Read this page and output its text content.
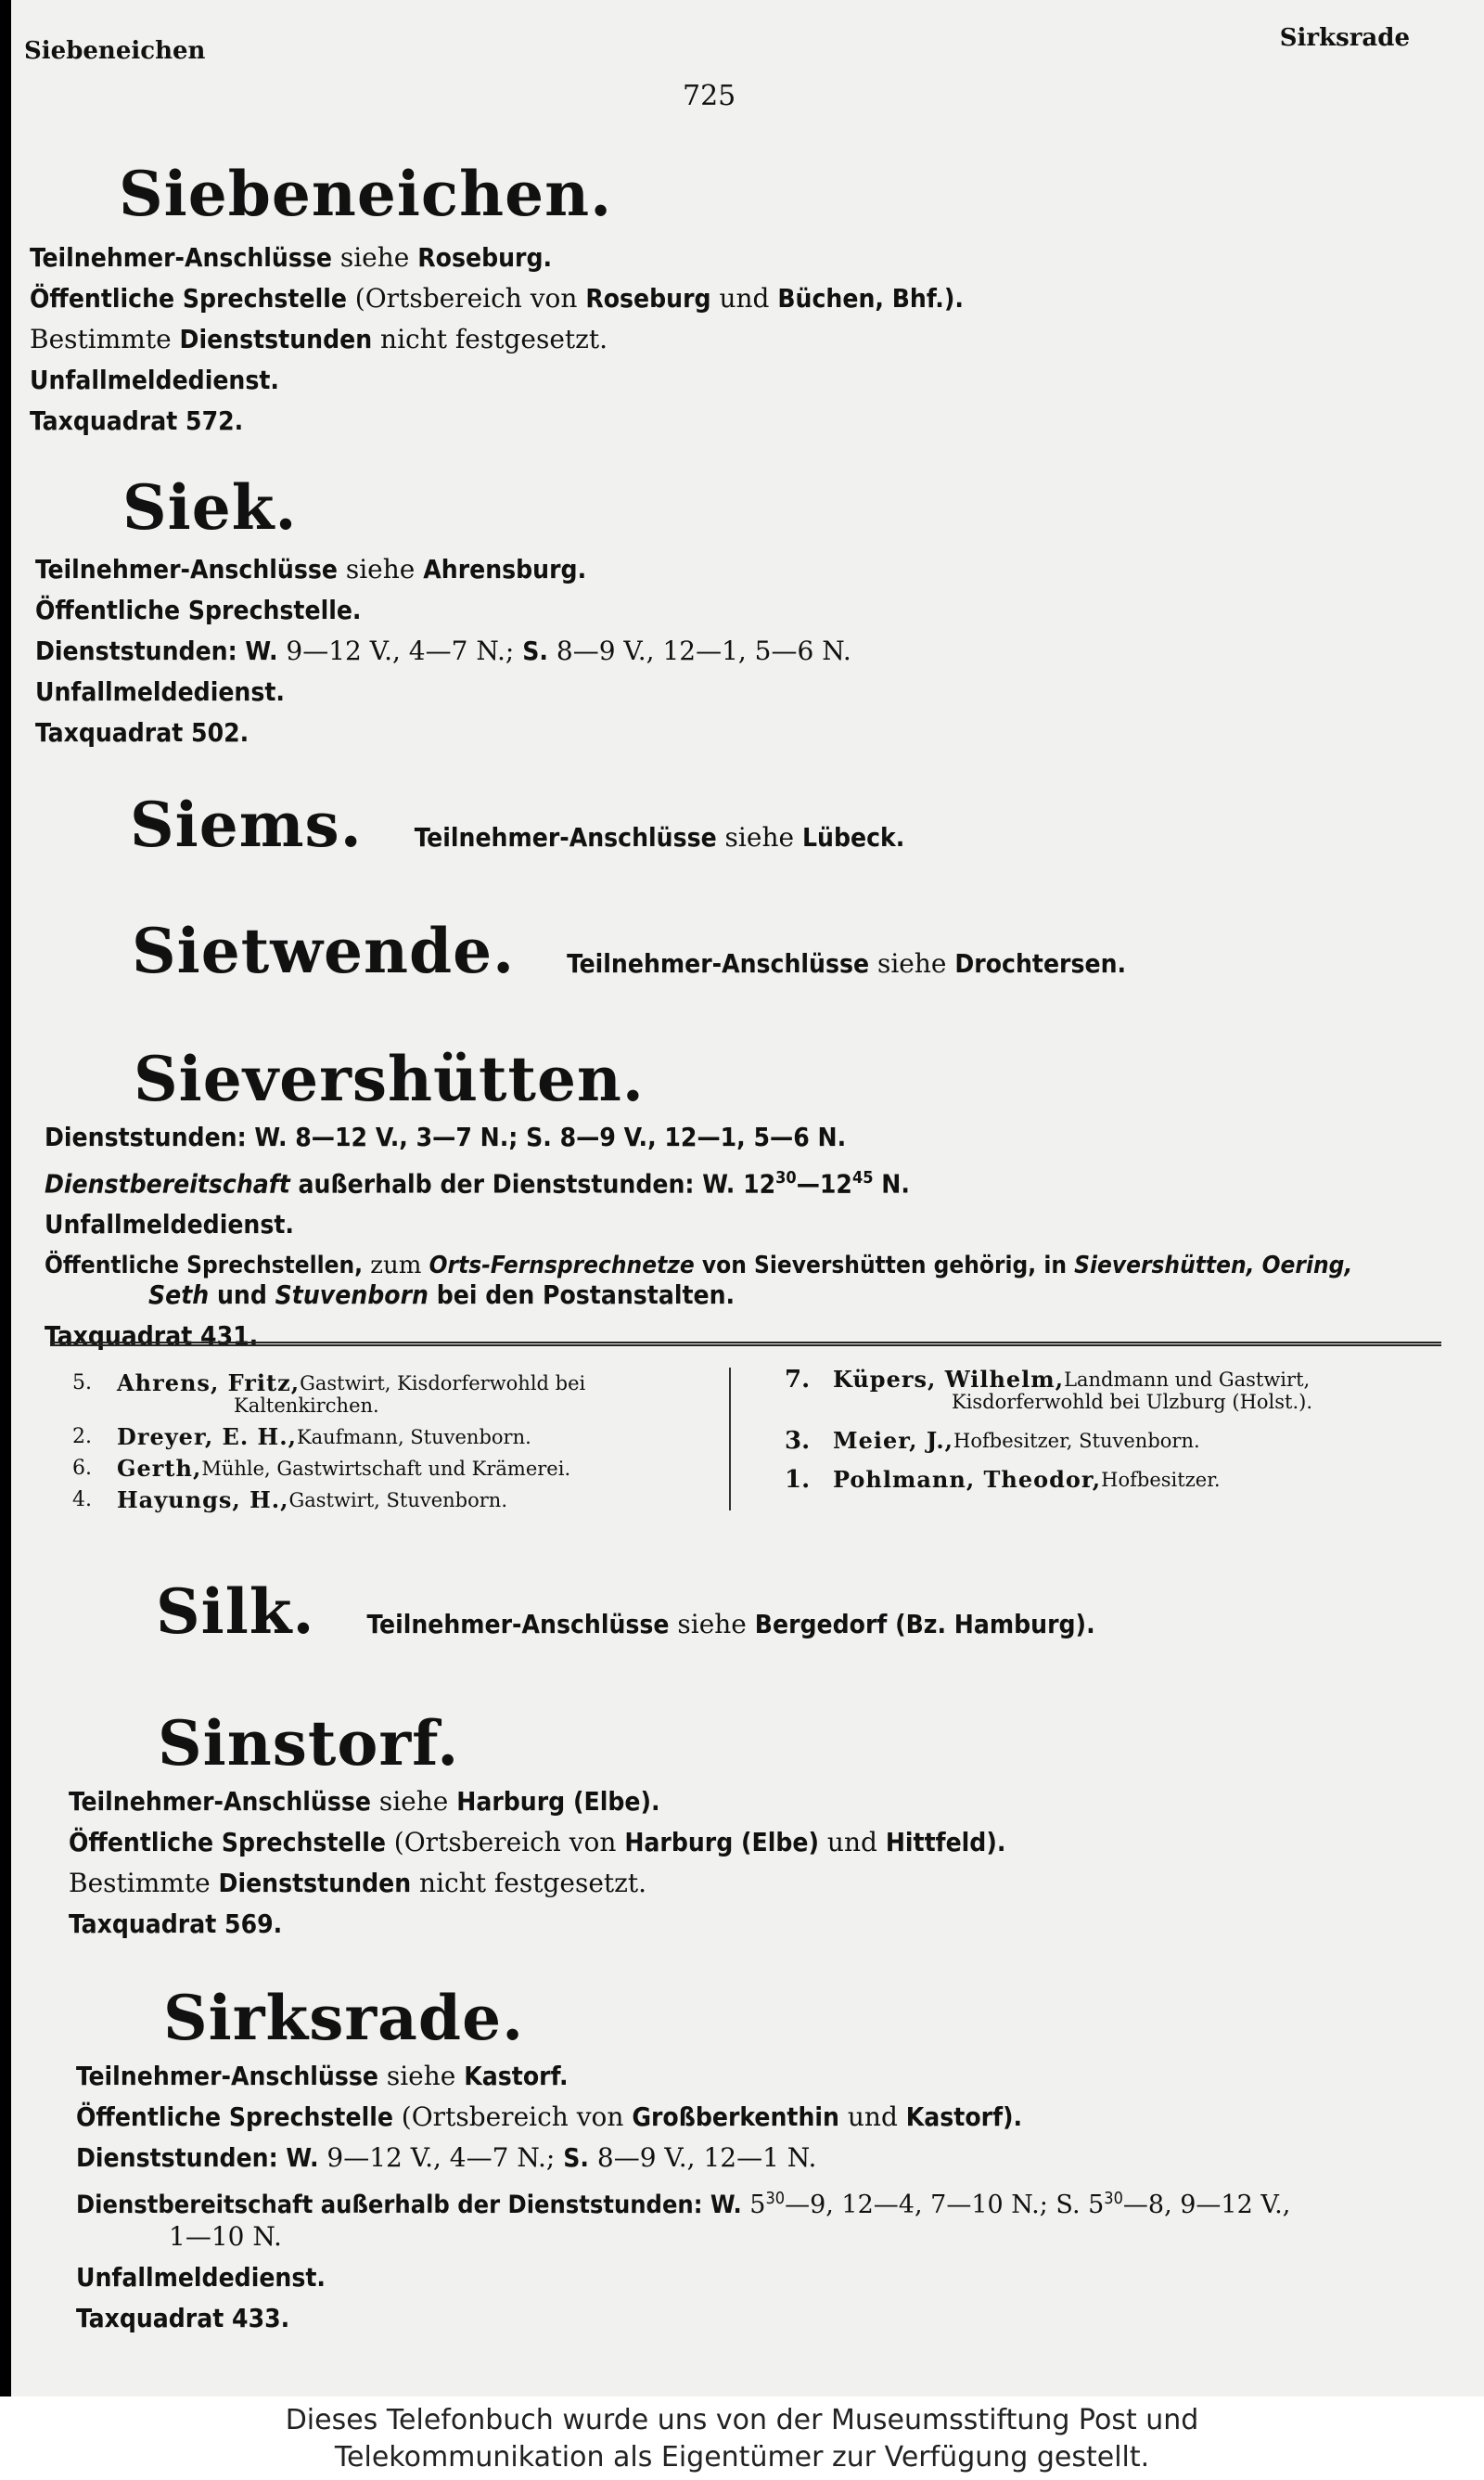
Siebeneichen	Sirksrade
725
Siebeneichen.
Teilnehmer-Anschlüsse siehe Roseburg.
Öffentliche Sprechstelle (Ortsbereich von Roseburg und Büchen, Bhf.).
Bestimmte Dienststunden nicht festgesetzt.
Unfallmeldedienst.
Taxquadrat 572.
Siek.
Teilnehmer-Anschlüsse siehe Ahrensburg.
Öffentliche Sprechstelle.
Dienststunden: W. 9—12 V., 4—7 N.; S. 8—9 V., 12—1, 5—6 N.
Unfallmeldedienst.
Taxquadrat 502.
Siems. Teilnehmer-Anschlüsse siehe Lübeck.
Sietwende. Teilnehmer-Anschlüsse siehe Drochtersen.
Sievershütten.
Dienststunden: W. 8—12 V., 3—7 N.; S. 8—9 V., 12—1, 5—6 N.
Dienstbereitschaft außerhalb der Dienststunden: W. $12^{30}—12^{45}$ N.
Unfallmeldedienst.
Öffentliche Sprechstellen, zum Orts-Fernsprechnetze von Sievershütten gehörig, in Sievershütten, Oering,
Seth und Stuvenborn bei den Postanstalten.
Taxquadrat 431.
5.	Ahrens, Fritz, Gastwirt, Kisdorferwohld bei
Kaltenkirchen.
2.	Dreyer, E. H., Kaufmann, Stuvenborn.
6.	Gerth, Mühle, Gastwirtschaft und Krämerei.
4.	Hayungs, H., Gastwirt, Stuvenborn.
7.	Küpers, Wilhelm, Landmann und Gastwirt,
Kisdorferwohld bei Ulzburg (Holst.).
3.	Meier, J., Hofbesitzer, Stuvenborn.
1.	Pohlmann, Theodor, Hofbesitzer.
Silk. Teilnehmer-Anschlüsse siehe Bergedorf (Bz. Hamburg).
Sinstorf.
Teilnehmer-Anschlüsse siehe Harburg (Elbe).
Öffentliche Sprechstelle (Ortsbereich von Harburg (Elbe) und Hittfeld).
Bestimmte Dienststunden nicht festgesetzt.
Taxquadrat 569.
Sirksrade.
Teilnehmer-Anschlüsse siehe Kastorf.
Öffentliche Sprechstelle (Ortsbereich von Großberkenthin und Kastorf).
Dienststunden: W. 9—12 V., 4—7 N.; S. 8—9 V., 12—1 N.
Dienstbereitschaft außerhalb der Dienststunden: W. $5^{30}—9$, 12—4, 7—10 N.; S. $5^{30}—8$, 9—12 V.,
1—10 N.
Unfallmeldedienst.
Taxquadrat 433.
Dieses Telefonbuch wurde uns von der Museumsstiftung Post und
Telekommunikation als Eigentümer zur Verfügung gestellt.
